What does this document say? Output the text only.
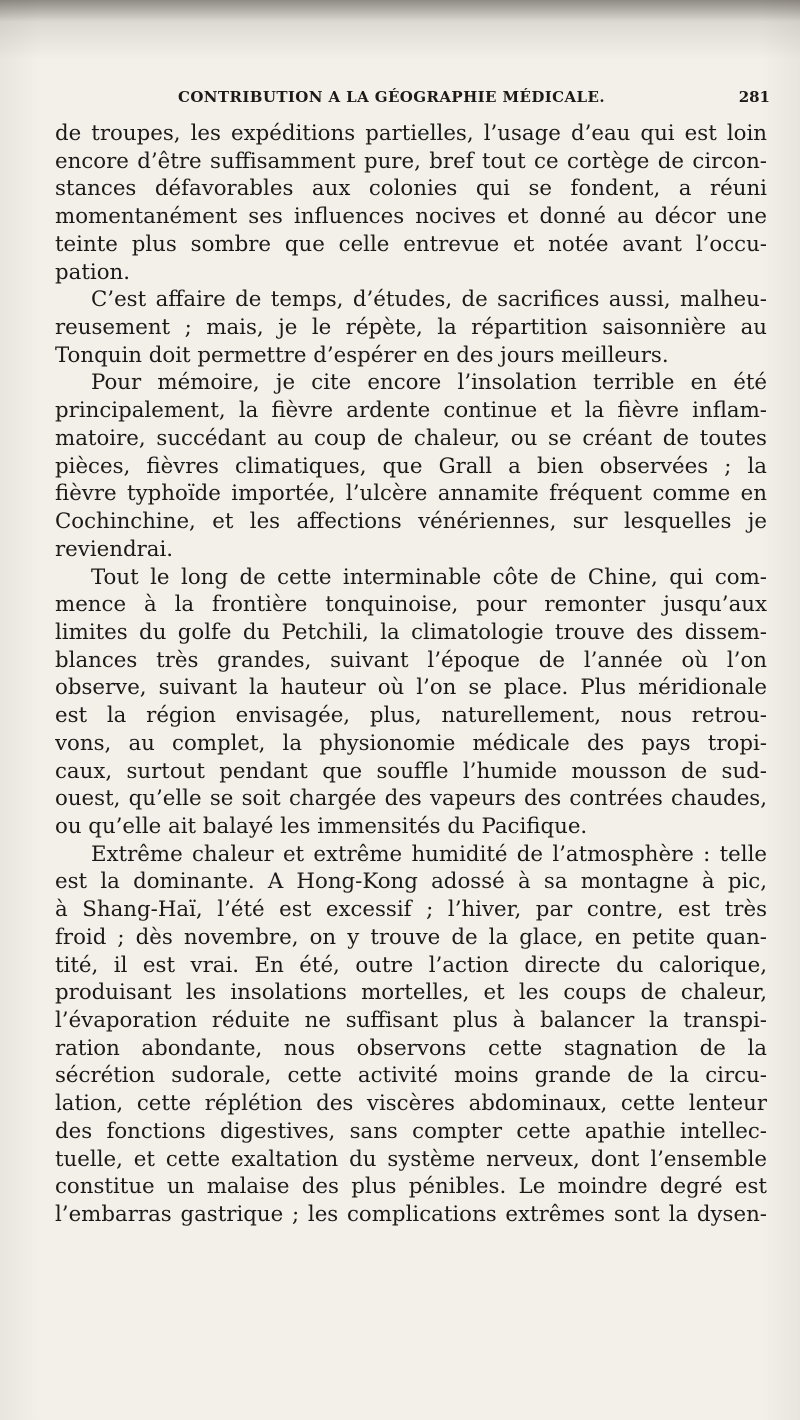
CONTRIBUTION A LA GÉOGRAPHIE MÉDICALE.	281
de troupes, les expéditions partielles, l’usage d’eau qui est loin
encore d’être suffisamment pure, bref tout ce cortège de circon-
stances défavorables aux colonies qui se fondent, a réuni
momentanément ses influences nocives et donné au décor une
teinte plus sombre que celle entrevue et notée avant l’occu-
pation.
C’est affaire de temps, d’études, de sacrifices aussi, malheu-
reusement ; mais, je le répète, la répartition saisonnière au
Tonquin doit permettre d’espérer en des jours meilleurs.
Pour mémoire, je cite encore l’insolation terrible en été
principalement, la fièvre ardente continue et la fièvre inflam-
matoire, succédant au coup de chaleur, ou se créant de toutes
pièces, fièvres climatiques, que Grall a bien observées ; la
fièvre typhoïde importée, l’ulcère annamite fréquent comme en
Cochinchine, et les affections vénériennes, sur lesquelles je
reviendrai.
Tout le long de cette interminable côte de Chine, qui com-
mence à la frontière tonquinoise, pour remonter jusqu’aux
limites du golfe du Petchili, la climatologie trouve des dissem-
blances très grandes, suivant l’époque de l’année où l’on
observe, suivant la hauteur où l’on se place. Plus méridionale
est la région envisagée, plus, naturellement, nous retrou-
vons, au complet, la physionomie médicale des pays tropi-
caux, surtout pendant que souffle l’humide mousson de sud-
ouest, qu’elle se soit chargée des vapeurs des contrées chaudes,
ou qu’elle ait balayé les immensités du Pacifique.
Extrême chaleur et extrême humidité de l’atmosphère : telle
est la dominante. A Hong-Kong adossé à sa montagne à pic,
à Shang-Haï, l’été est excessif ; l’hiver, par contre, est très
froid ; dès novembre, on y trouve de la glace, en petite quan-
tité, il est vrai. En été, outre l’action directe du calorique,
produisant les insolations mortelles, et les coups de chaleur,
l’évaporation réduite ne suffisant plus à balancer la transpi-
ration abondante, nous observons cette stagnation de la
sécrétion sudorale, cette activité moins grande de la circu-
lation, cette réplétion des viscères abdominaux, cette lenteur
des fonctions digestives, sans compter cette apathie intellec-
tuelle, et cette exaltation du système nerveux, dont l’ensemble
constitue un malaise des plus pénibles. Le moindre degré est
l’embarras gastrique ; les complications extrêmes sont la dysen-
